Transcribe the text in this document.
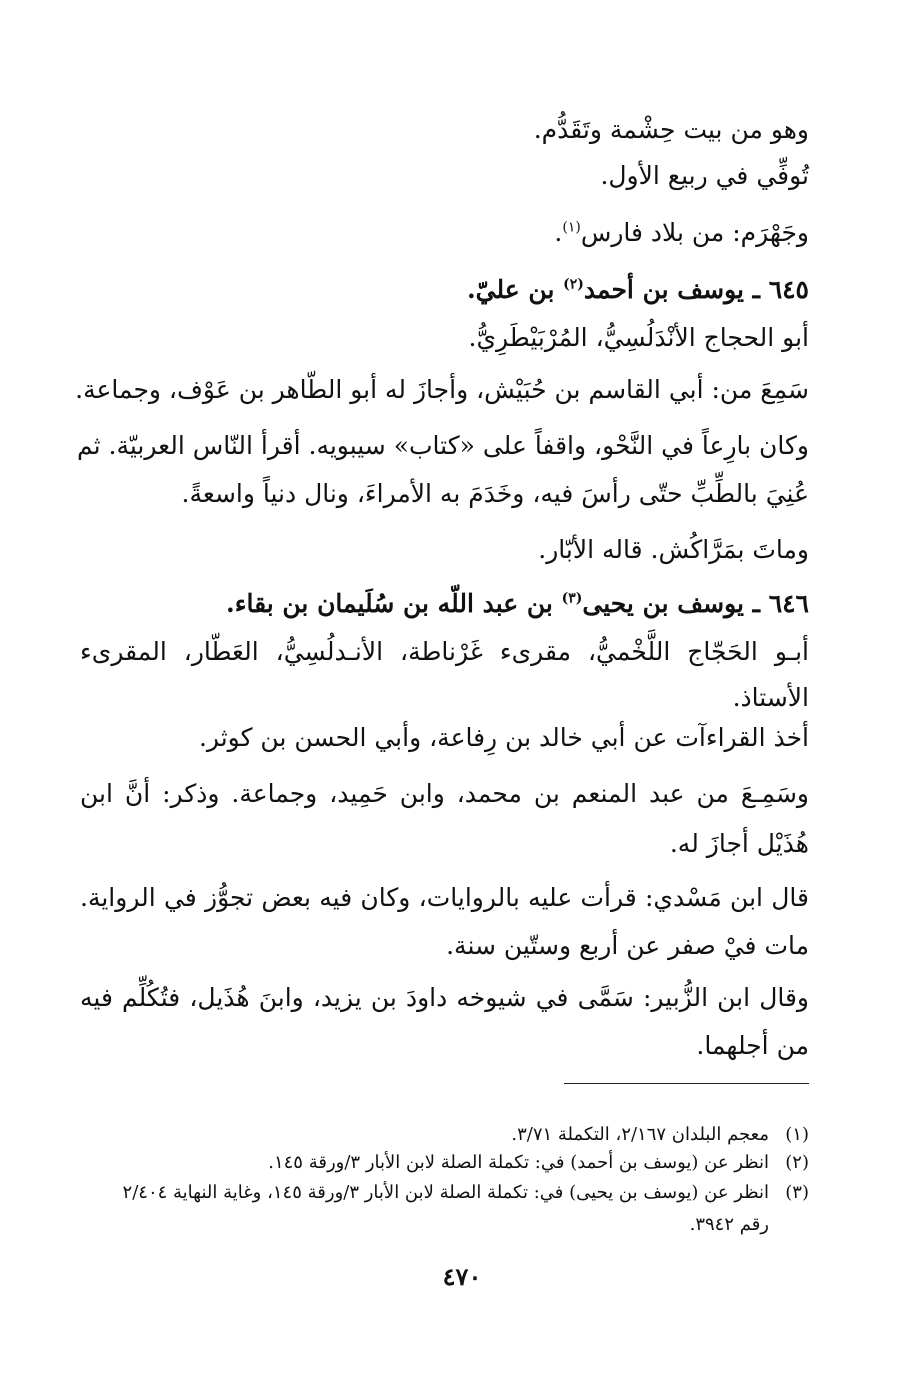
وهو من بيت حِشْمة وتَقَدُّم.
تُوفِّي في ربيع الأول.
وجَهْرَم: من بلاد فارس$^{(١)}$.
٦٤٥ ـ يوسف بن أحمد$^{(٢)}$ بن عليّ.
أبو الحجاج الأنْدَلُسِيُّ، المُرْبَيْطَرِيُّ.
سَمِعَ من: أبي القاسم بن حُبَيْش، وأجازَ له أبو الطّاهر بن عَوْف، وجماعة.
وكان بارِعاً في النَّحْو، واقفاً على «كتاب» سيبويه. أقرأ النّاس العربيّة. ثم
عُنِيَ بالطِّبِّ حتّى رأسَ فيه، وخَدَمَ به الأمراءَ، ونال دنياً واسعةً.
وماتَ بمَرَّاكُش. قاله الأبّار.
٦٤٦ ـ يوسف بن يحيى$^{(٣)}$ بن عبد اللّه بن سُلَيمان بن بقاء.
أبـو الحَجّاج اللَّخْميُّ، مقرىء غَرْناطة، الأنـدلُسِيُّ، العَطّار، المقرىء
الأستاذ.
أخذ القراءآت عن أبي خالد بن رِفاعة، وأبي الحسن بن كوثر.
وسَمِـعَ من عبد المنعم بن محمد، وابن حَمِيد، وجماعة. وذكر: أنَّ ابن
هُذَيْل أجازَ له.
قال ابن مَسْدي: قرأت عليه بالروايات، وكان فيه بعض تجوُّز في الرواية.
مات فيْ صفر عن أربع وستّين سنة.
وقال ابن الزُّبير: سَمَّى في شيوخه داودَ بن يزيد، وابنَ هُذَيل، فتُكُلِّم فيه
من أجلهما.
(١)معجم البلدان ٢/١٦٧، التكملة ٣/٧١.
(٢)انظر عن (يوسف بن أحمد) في: تكملة الصلة لابن الأبار ٣/ورقة ١٤٥.
(٣)انظر عن (يوسف بن يحيى) في: تكملة الصلة لابن الأبار ٣/ورقة ١٤٥، وغاية النهاية ٢/٤٠٤
رقم ٣٩٤٢.
٤٧٠
